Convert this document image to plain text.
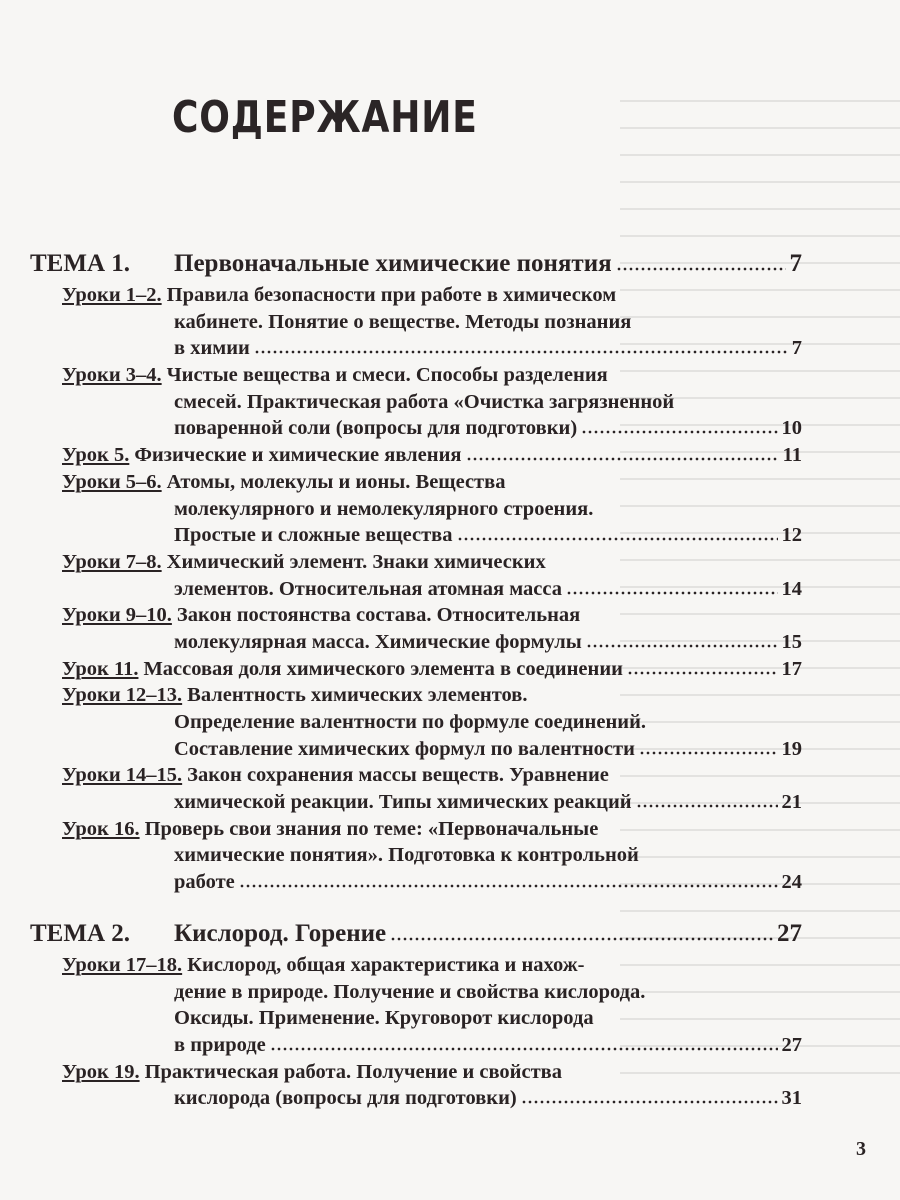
СОДЕРЖАНИЕ
ТЕМА 1.	Первоначальные химические понятия	7
Уроки 1–2. Правила безопасности при работе в химическом
кабинете. Понятие о веществе. Методы познания
в химии	7
Уроки 3–4. Чистые вещества и смеси. Способы разделения
смесей. Практическая работа «Очистка загрязненной
поваренной соли (вопросы для подготовки)	10
Урок 5. Физические и химические явления	11
Уроки 5–6. Атомы, молекулы и ионы. Вещества
молекулярного и немолекулярного строения.
Простые и сложные вещества	12
Уроки 7–8. Химический элемент. Знаки химических
элементов. Относительная атомная масса	14
Уроки 9–10. Закон постоянства состава. Относительная
молекулярная масса. Химические формулы	15
Урок 11. Массовая доля химического элемента в соединении	17
Уроки 12–13. Валентность химических элементов.
Определение валентности по формуле соединений.
Составление химических формул по валентности	19
Уроки 14–15. Закон сохранения массы веществ. Уравнение
химической реакции. Типы химических реакций	21
Урок 16. Проверь свои знания по теме: «Первоначальные
химические понятия». Подготовка к контрольной
работе	24
ТЕМА 2.	Кислород. Горение	27
Уроки 17–18. Кислород, общая характеристика и нахож-
дение в природе. Получение и свойства кислорода.
Оксиды. Применение. Круговорот кислорода
в природе	27
Урок 19. Практическая работа. Получение и свойства
кислорода (вопросы для подготовки)	31
3
